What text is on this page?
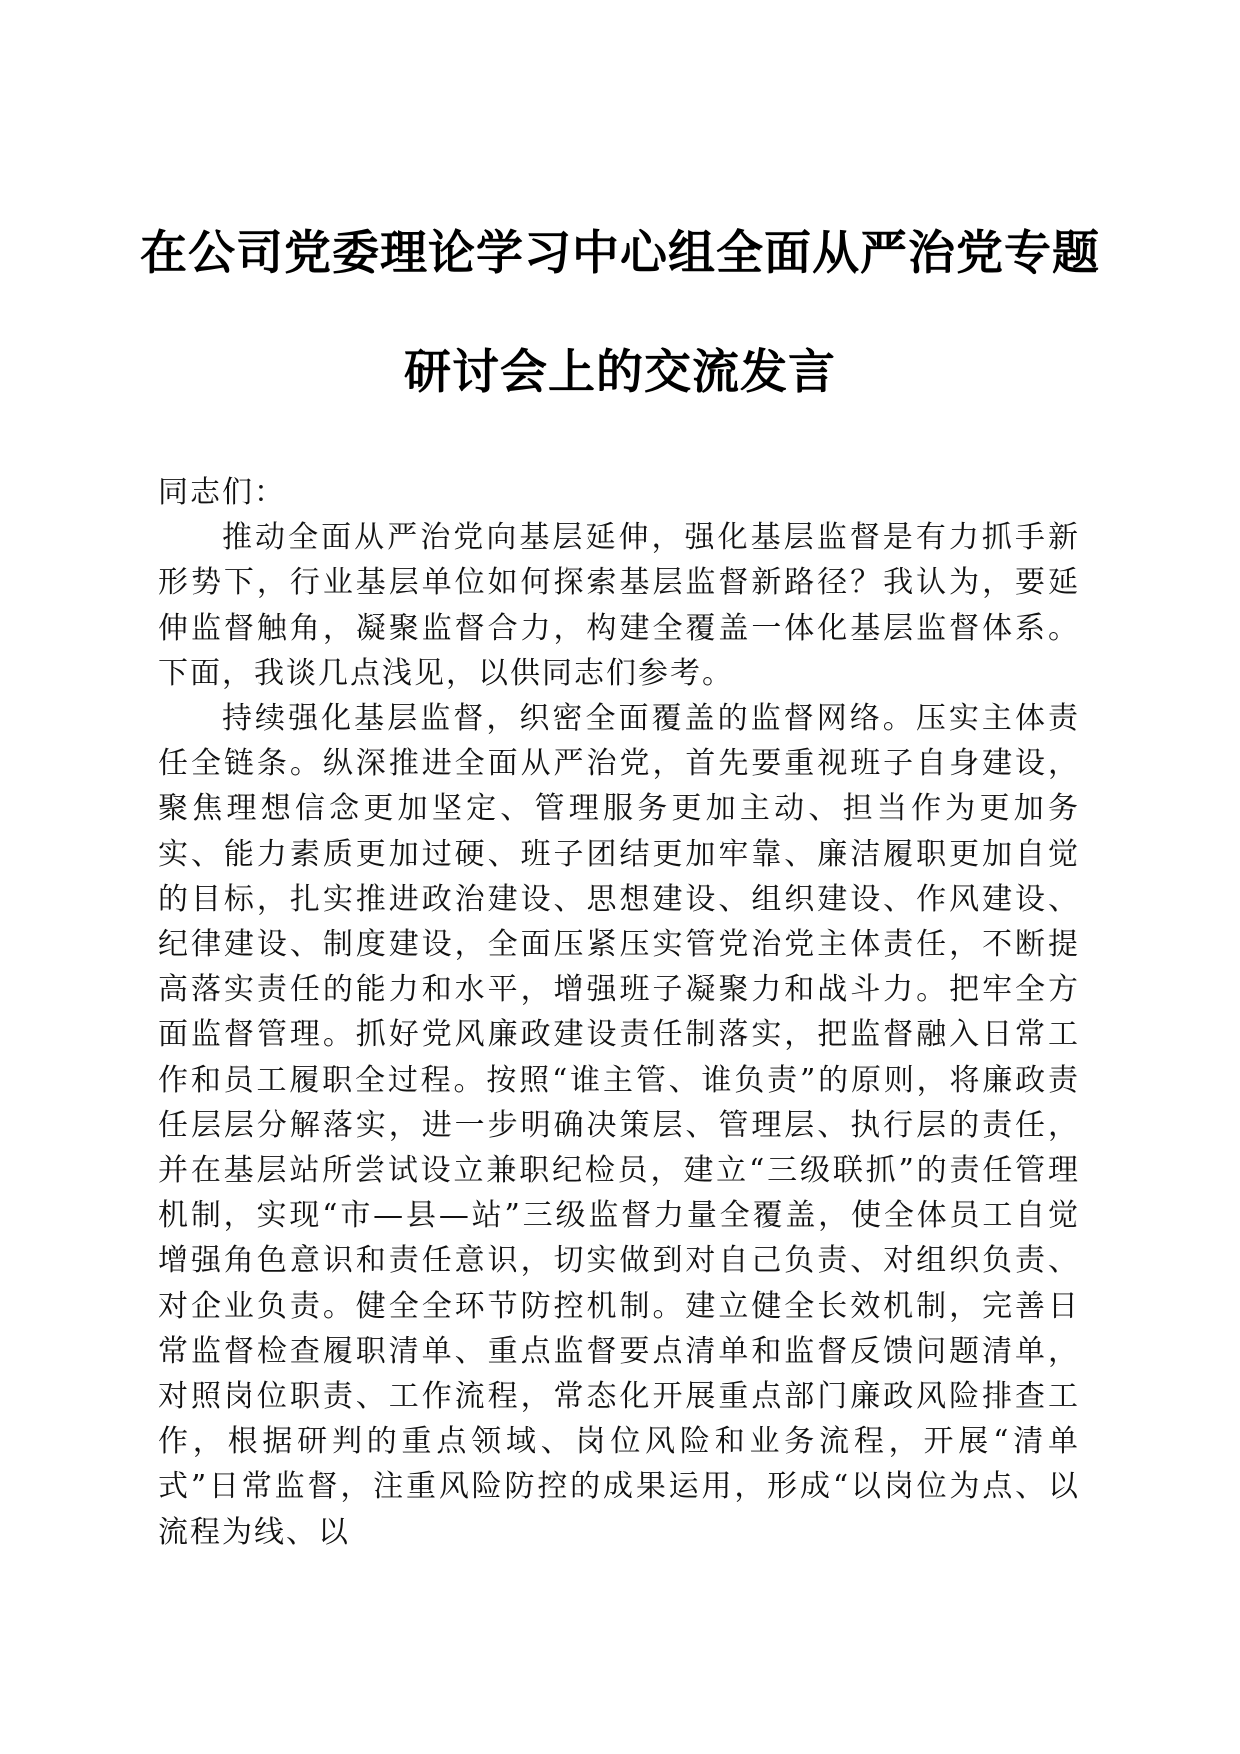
在公司党委理论学习中心组全面从严治党专题
研讨会上的交流发言

同志们：

推动全面从严治党向基层延伸，强化基层监督是有力抓手新形势下，行业基层单位如何探索基层监督新路径？我认为，要延伸监督触角，凝聚监督合力，构建全覆盖一体化基层监督体系。下面，我谈几点浅见，以供同志们参考。

持续强化基层监督，织密全面覆盖的监督网络。压实主体责任全链条。纵深推进全面从严治党，首先要重视班子自身建设，聚焦理想信念更加坚定、管理服务更加主动、担当作为更加务实、能力素质更加过硬、班子团结更加牢靠、廉洁履职更加自觉的目标，扎实推进政治建设、思想建设、组织建设、作风建设、纪律建设、制度建设，全面压紧压实管党治党主体责任，不断提高落实责任的能力和水平，增强班子凝聚力和战斗力。把牢全方面监督管理。抓好党风廉政建设责任制落实，把监督融入日常工作和员工履职全过程。按照“谁主管、谁负责”的原则，将廉政责任层层分解落实，进一步明确决策层、管理层、执行层的责任，并在基层站所尝试设立兼职纪检员，建立“三级联抓”的责任管理机制，实现“市—县—站”三级监督力量全覆盖，使全体员工自觉增强角色意识和责任意识，切实做到对自己负责、对组织负责、对企业负责。健全全环节防控机制。建立健全长效机制，完善日常监督检查履职清单、重点监督要点清单和监督反馈问题清单，对照岗位职责、工作流程，常态化开展重点部门廉政风险排查工作，根据研判的重点领域、岗位风险和业务流程，开展“清单式”日常监督，注重风险防控的成果运用，形成“以岗位为点、以流程为线、以
